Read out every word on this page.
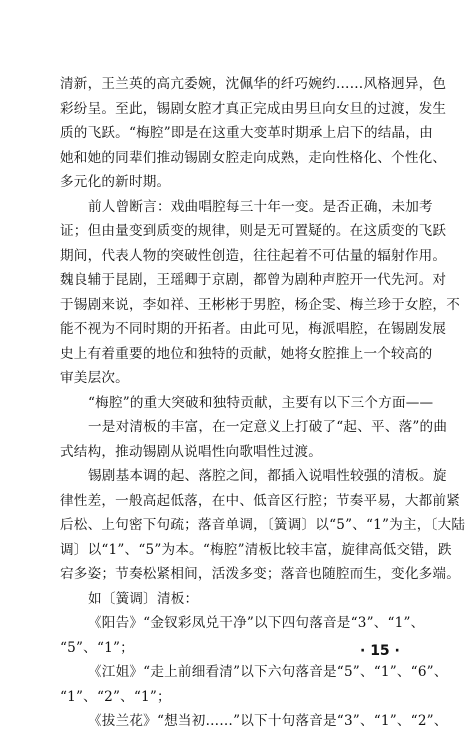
清新，王兰英的高亢委婉，沈佩华的纤巧婉约……风格迥异，色
彩纷呈。至此，锡剧女腔才真正完成由男旦向女旦的过渡，发生
质的飞跃。“梅腔”即是在这重大变革时期承上启下的结晶，由
她和她的同辈们推动锡剧女腔走向成熟，走向性格化、个性化、
多元化的新时期。
前人曾断言：戏曲唱腔每三十年一变。是否正确，未加考
证；但由量变到质变的规律，则是无可置疑的。在这质变的飞跃
期间，代表人物的突破性创造，往往起着不可估量的辐射作用。
魏良辅于昆剧，王瑶卿于京剧，都曾为剧种声腔开一代先河。对
于锡剧来说，李如祥、王彬彬于男腔，杨企雯、梅兰珍于女腔，不
能不视为不同时期的开拓者。由此可见，梅派唱腔，在锡剧发展
史上有着重要的地位和独特的贡献，她将女腔推上一个较高的
审美层次。
“梅腔”的重大突破和独特贡献，主要有以下三个方面——
一是对清板的丰富，在一定意义上打破了“起、平、落”的曲
式结构，推动锡剧从说唱性向歌唱性过渡。
锡剧基本调的起、落腔之间，都插入说唱性较强的清板。旋
律性差，一般高起低落，在中、低音区行腔；节奏平易，大都前紧
后松、上句密下句疏；落音单调，〔簧调〕以“5”、“1”为主，〔大陆
调〕以“1”、“5”为本。“梅腔”清板比较丰富，旋律高低交错，跌
宕多姿；节奏松紧相间，活泼多变；落音也随腔而生，变化多端。
如〔簧调〕清板：
《阳告》“金钗彩凤兑干净”以下四句落音是“3”、“1”、
“5”、“1”；
《江姐》“走上前细看清”以下六句落音是“5”、“1”、“6”、
“1”、“2”、“1”；
《拔兰花》“想当初……”以下十句落音是“3”、“1”、“2”、
· 15 ·
